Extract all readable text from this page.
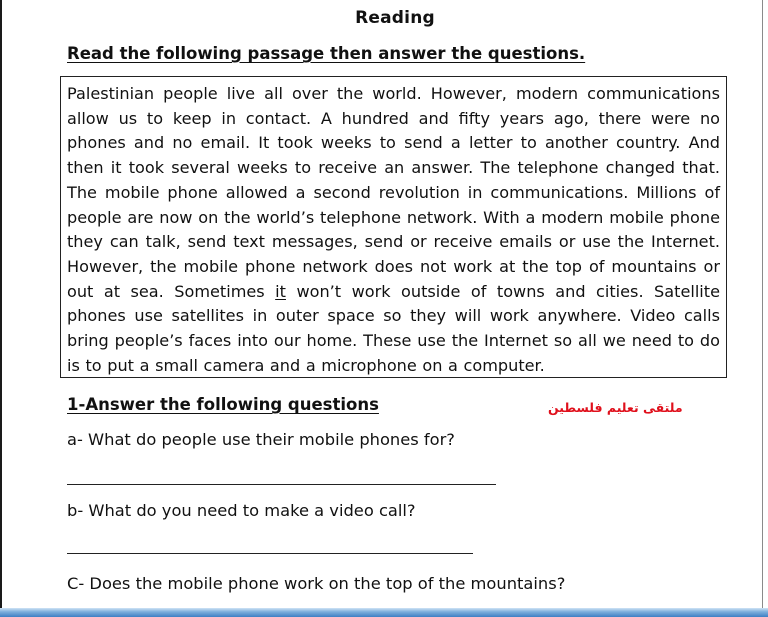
Reading
Read the following passage then answer the questions.
Palestinian people live all over the world. However, modern communications allow us to keep in contact. A hundred and fifty years ago, there were no phones and no email. It took weeks to send a letter to another country. And then it took several weeks to receive an answer. The telephone changed that. The mobile phone allowed a second revolution in communications. Millions of people are now on the world’s telephone network. With a modern mobile phone they can talk, send text messages, send or receive emails or use the Internet. However, the mobile phone network does not work at the top of mountains or out at sea. Sometimes it won’t work outside of towns and cities. Satellite phones use satellites in outer space so they will work anywhere. Video calls bring people’s faces into our home. These use the Internet so all we need to do is to put a small camera and a microphone on a computer.
1-Answer the following questions	ملتقى تعليم فلسطين
a- What do people use their mobile phones for?
b- What do you need to make a video call?
C- Does the mobile phone work on the top of the mountains?
